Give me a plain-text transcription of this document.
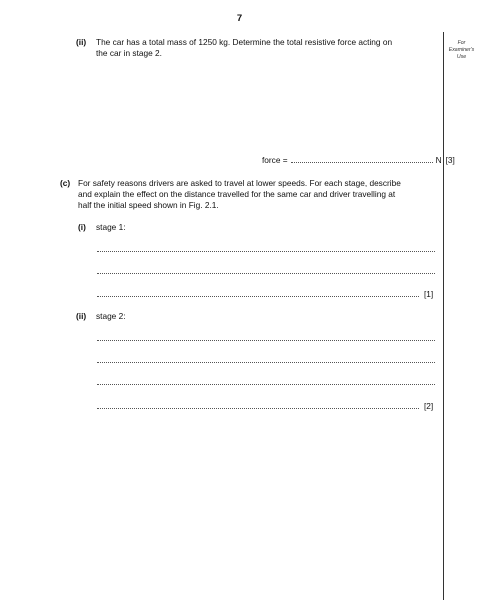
7
For
Examiner's
Use
(ii) The car has a total mass of 1250 kg. Determine the total resistive force acting on
the car in stage 2.
force =	N [3]
(c) For safety reasons drivers are asked to travel at lower speeds. For each stage, describe
and explain the effect on the distance travelled for the same car and driver travelling at
half the initial speed shown in Fig. 2.1.
(i) stage 1:
[1]
(ii) stage 2:
[2]
